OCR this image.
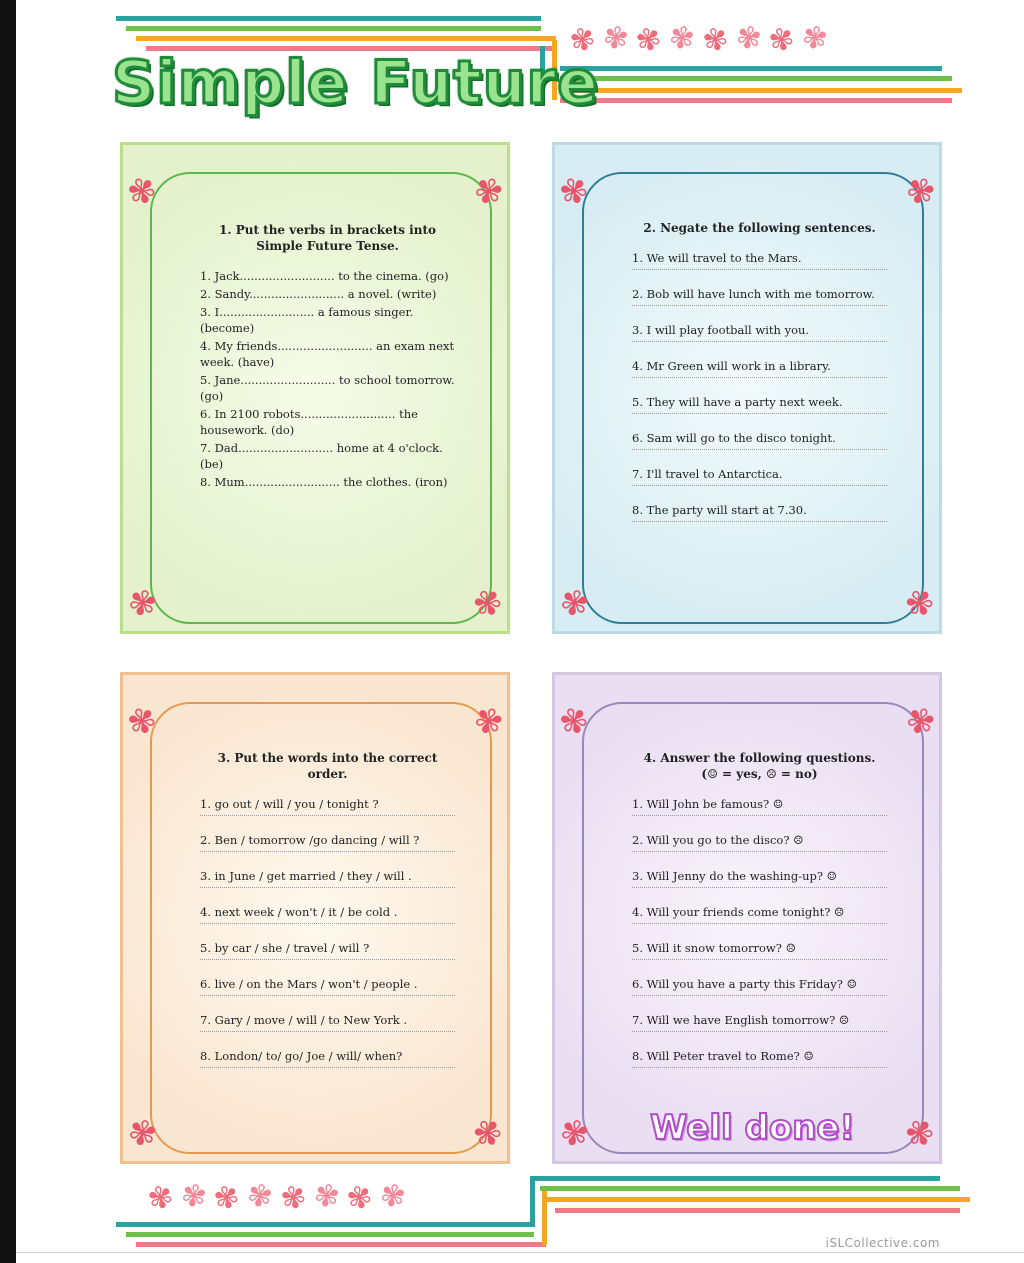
Simple Future
✾✾✾✾✾✾✾✾
✾	✾
✾	✾
1. Put the verbs in brackets into
Simple Future Tense.
1. Jack.......................... to the cinema. (go)
2. Sandy.......................... a novel. (write)
3. I.......................... a famous singer. (become)
4. My friends.......................... an exam next week. (have)
5. Jane.......................... to school tomorrow. (go)
6. In 2100 robots.......................... the housework. (do)
7. Dad.......................... home at 4 o'clock. (be)
8. Mum.......................... the clothes. (iron)
✾	✾
✾	✾
2. Negate the following sentences.
1. We will travel to the Mars.
2. Bob will have lunch with me tomorrow.
3. I will play football with you.
4. Mr Green will work in a library.
5. They will have a party next week.
6. Sam will go to the disco tonight.
7. I'll travel to Antarctica.
8. The party will start at 7.30.
✾	✾
✾	✾
3. Put the words into the correct order.
1. go out / will / you / tonight ?
2. Ben / tomorrow /go dancing / will ?
3. in June / get married / they / will .
4. next week / won't / it / be cold .
5. by car / she / travel / will ?
6. live / on the Mars / won't / people .
7. Gary / move / will / to New York .
8. London/ to/ go/ Joe / will/ when?
✾	✾
✾	✾
4. Answer the following questions.
(☺ = yes, ☹ = no)
1. Will John be famous? ☺
2. Will you go to the disco? ☹
3. Will Jenny do the washing-up? ☺
4. Will your friends come tonight? ☹
5. Will it snow tomorrow? ☹
6. Will you have a party this Friday? ☺
7. Will we have English tomorrow? ☹
8. Will Peter travel to Rome? ☺
Well done!
✾✾✾✾✾✾✾✾
iSLCollective.com
